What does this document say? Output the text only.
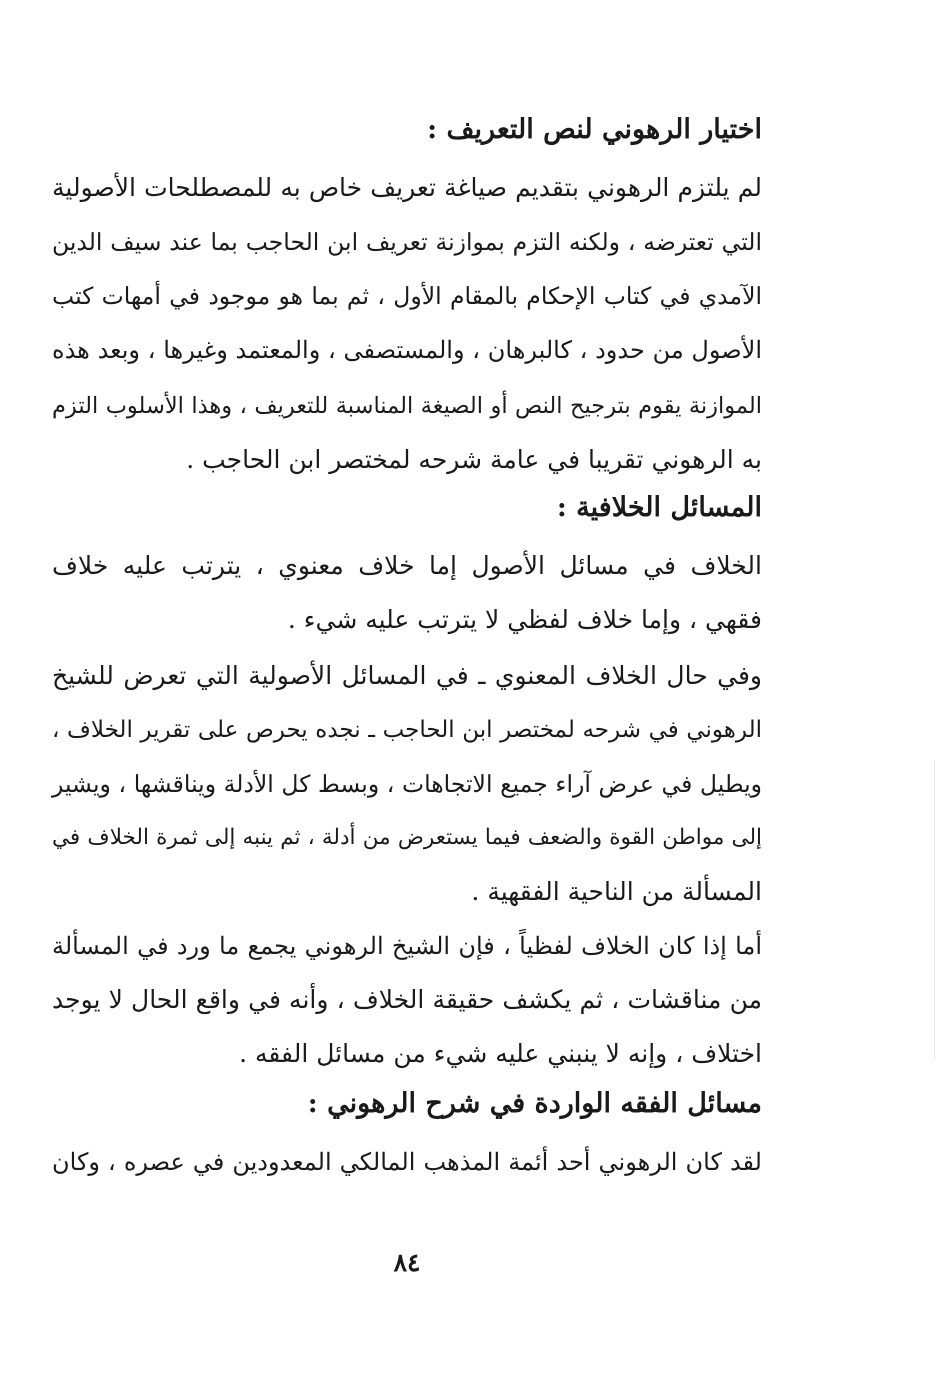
اختيار الرهوني لنص التعريف :
لم يلتزم الرهوني بتقديم صياغة تعريف خاص به للمصطلحات الأصولية
التي تعترضه ، ولكنه التزم بموازنة تعريف ابن الحاجب بما عند سيف الدين
الآمدي في كتاب الإحكام بالمقام الأول ، ثم بما هو موجود في أمهات كتب
الأصول من حدود ، كالبرهان ، والمستصفى ، والمعتمد وغيرها ، وبعد هذه
الموازنة يقوم بترجيح النص أو الصيغة المناسبة للتعريف ، وهذا الأسلوب التزم
به الرهوني تقريبا في عامة شرحه لمختصر ابن الحاجب .
المسائل الخلافية :
الخلاف في مسائل الأصول إما خلاف معنوي ، يترتب عليه خلاف
فقهي ، وإما خلاف لفظي لا يترتب عليه شيء .
وفي حال الخلاف المعنوي ـ في المسائل الأصولية التي تعرض للشيخ
الرهوني في شرحه لمختصر ابن الحاجب ـ نجده يحرص على تقرير الخلاف ،
ويطيل في عرض آراء جميع الاتجاهات ، وبسط كل الأدلة ويناقشها ، ويشير
إلى مواطن القوة والضعف فيما يستعرض من أدلة ، ثم ينبه إلى ثمرة الخلاف في
المسألة من الناحية الفقهية .
أما إذا كان الخلاف لفظياً ، فإن الشيخ الرهوني يجمع ما ورد في المسألة
من مناقشات ، ثم يكشف حقيقة الخلاف ، وأنه في واقع الحال لا يوجد
اختلاف ، وإنه لا ينبني عليه شيء من مسائل الفقه .
مسائل الفقه الواردة في شرح الرهوني :
لقد كان الرهوني أحد أئمة المذهب المالكي المعدودين في عصره ، وكان
٨٤
